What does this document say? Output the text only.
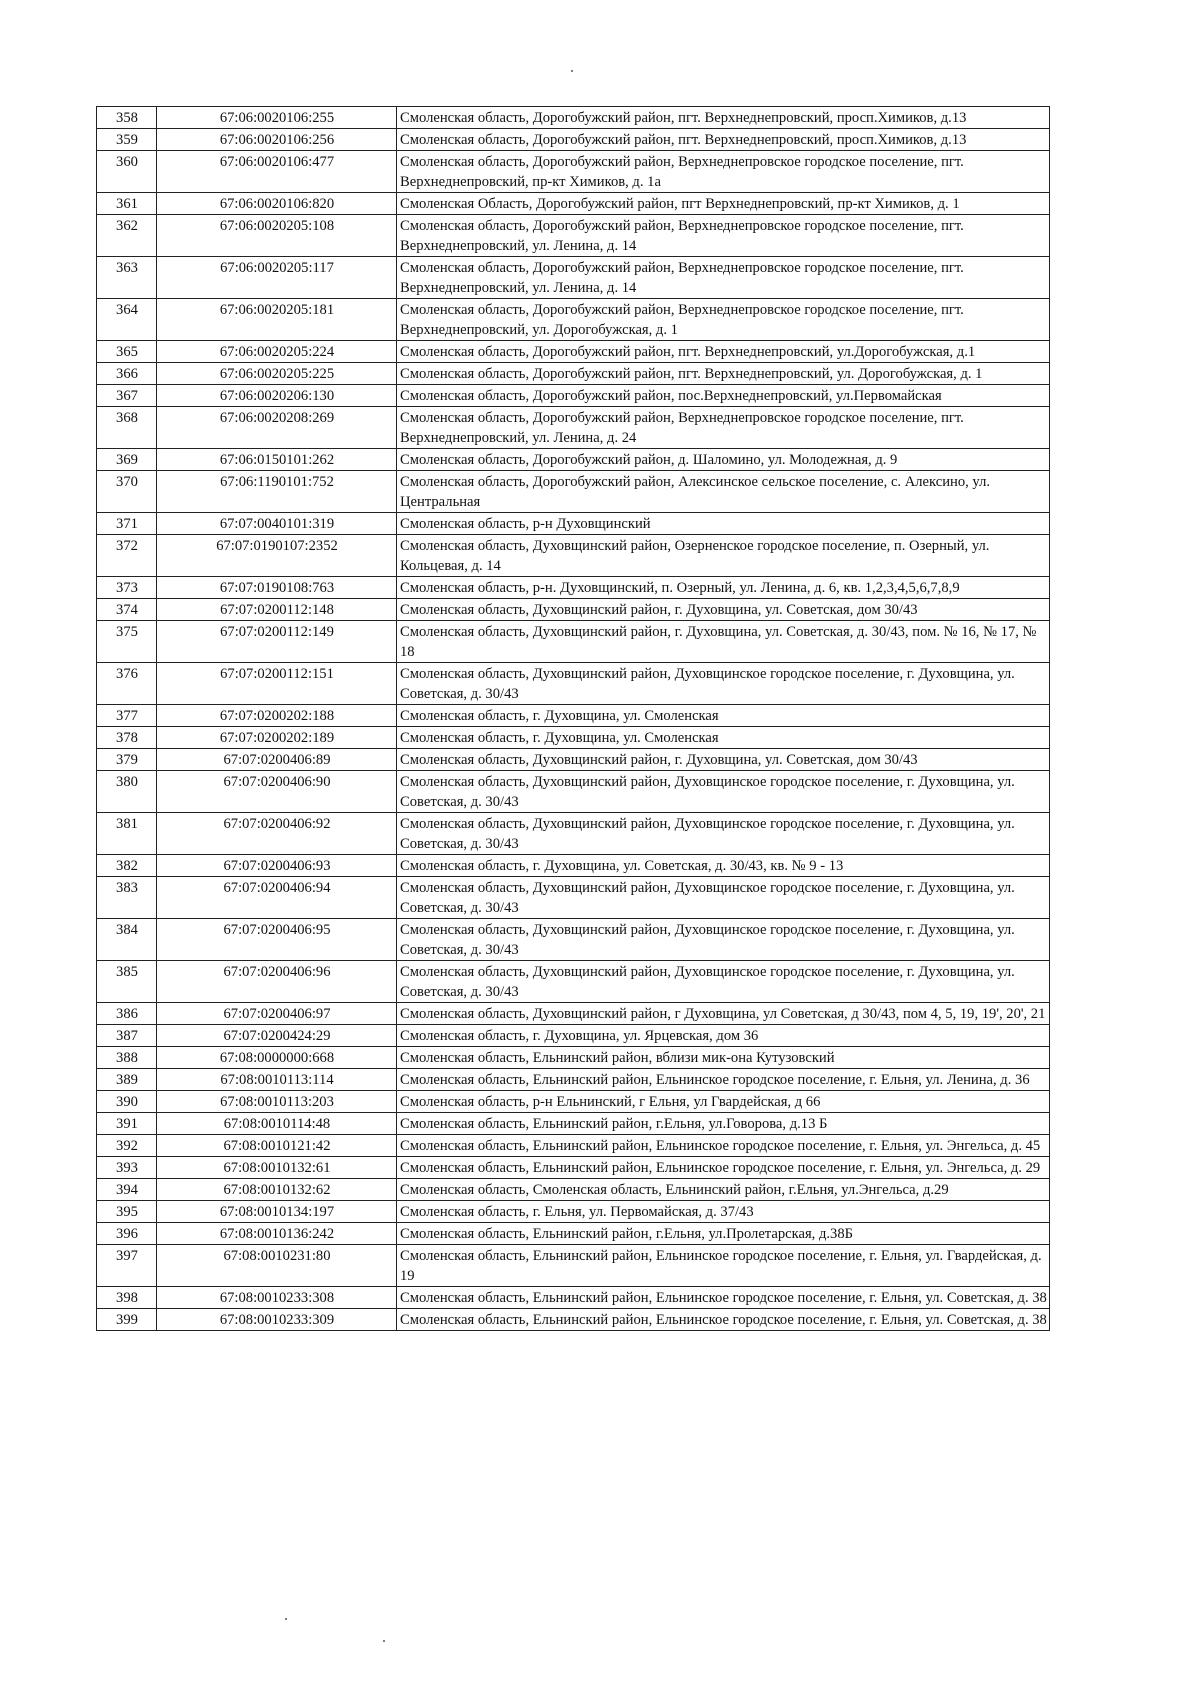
358	67:06:0020106:255	Смоленская область, Дорогобужский район, пгт. Верхнеднепровский, просп.Химиков, д.13
359	67:06:0020106:256	Смоленская область, Дорогобужский район, пгт. Верхнеднепровский, просп.Химиков, д.13
360	67:06:0020106:477	Смоленская область, Дорогобужский район, Верхнеднепровское городское поселение, пгт. Верхнеднепровский, пр-кт Химиков, д. 1а
361	67:06:0020106:820	Смоленская Область, Дорогобужский район, пгт Верхнеднепровский, пр-кт Химиков, д. 1
362	67:06:0020205:108	Смоленская область, Дорогобужский район, Верхнеднепровское городское поселение, пгт. Верхнеднепровский, ул. Ленина, д. 14
363	67:06:0020205:117	Смоленская область, Дорогобужский район, Верхнеднепровское городское поселение, пгт. Верхнеднепровский, ул. Ленина, д. 14
364	67:06:0020205:181	Смоленская область, Дорогобужский район, Верхнеднепровское городское поселение, пгт. Верхнеднепровский, ул. Дорогобужская, д. 1
365	67:06:0020205:224	Смоленская область, Дорогобужский район, пгт. Верхнеднепровский, ул.Дорогобужская, д.1
366	67:06:0020205:225	Смоленская область, Дорогобужский район, пгт. Верхнеднепровский, ул. Дорогобужская, д. 1
367	67:06:0020206:130	Смоленская область, Дорогобужский район, пос.Верхнеднепровский, ул.Первомайская
368	67:06:0020208:269	Смоленская область, Дорогобужский район, Верхнеднепровское городское поселение, пгт. Верхнеднепровский, ул. Ленина, д. 24
369	67:06:0150101:262	Смоленская область, Дорогобужский район, д. Шаломино, ул. Молодежная, д. 9
370	67:06:1190101:752	Смоленская область, Дорогобужский район, Алексинское сельское поселение, с. Алексино, ул. Центральная
371	67:07:0040101:319	Смоленская область, р-н Духовщинский
372	67:07:0190107:2352	Смоленская область, Духовщинский район, Озерненское городское поселение, п. Озерный, ул. Кольцевая, д. 14
373	67:07:0190108:763	Смоленская область, р-н. Духовщинский, п. Озерный, ул. Ленина, д. 6, кв. 1,2,3,4,5,6,7,8,9
374	67:07:0200112:148	Смоленская область, Духовщинский район, г. Духовщина, ул. Советская, дом 30/43
375	67:07:0200112:149	Смоленская область, Духовщинский район, г. Духовщина, ул. Советская, д. 30/43, пом. № 16, № 17, № 18
376	67:07:0200112:151	Смоленская область, Духовщинский район, Духовщинское городское поселение, г. Духовщина, ул. Советская, д. 30/43
377	67:07:0200202:188	Смоленская область, г. Духовщина, ул. Смоленская
378	67:07:0200202:189	Смоленская область, г. Духовщина, ул. Смоленская
379	67:07:0200406:89	Смоленская область, Духовщинский район, г. Духовщина, ул. Советская, дом 30/43
380	67:07:0200406:90	Смоленская область, Духовщинский район, Духовщинское городское поселение, г. Духовщина, ул. Советская, д. 30/43
381	67:07:0200406:92	Смоленская область, Духовщинский район, Духовщинское городское поселение, г. Духовщина, ул. Советская, д. 30/43
382	67:07:0200406:93	Смоленская область, г. Духовщина, ул. Советская, д. 30/43, кв. № 9 - 13
383	67:07:0200406:94	Смоленская область, Духовщинский район, Духовщинское городское поселение, г. Духовщина, ул. Советская, д. 30/43
384	67:07:0200406:95	Смоленская область, Духовщинский район, Духовщинское городское поселение, г. Духовщина, ул. Советская, д. 30/43
385	67:07:0200406:96	Смоленская область, Духовщинский район, Духовщинское городское поселение, г. Духовщина, ул. Советская, д. 30/43
386	67:07:0200406:97	Смоленская область, Духовщинский район, г Духовщина, ул Советская, д 30/43, пом 4, 5, 19, 19', 20', 21
387	67:07:0200424:29	Смоленская область, г. Духовщина, ул. Ярцевская, дом 36
388	67:08:0000000:668	Смоленская область, Ельнинский район, вблизи мик-она Кутузовский
389	67:08:0010113:114	Смоленская область, Ельнинский район, Ельнинское городское поселение, г. Ельня, ул. Ленина, д. 36
390	67:08:0010113:203	Смоленская область, р-н Ельнинский, г Ельня, ул Гвардейская, д 66
391	67:08:0010114:48	Смоленская область, Ельнинский район, г.Ельня, ул.Говорова, д.13 Б
392	67:08:0010121:42	Смоленская область, Ельнинский район, Ельнинское городское поселение, г. Ельня, ул. Энгельса, д. 45
393	67:08:0010132:61	Смоленская область, Ельнинский район, Ельнинское городское поселение, г. Ельня, ул. Энгельса, д. 29
394	67:08:0010132:62	Смоленская область, Смоленская область, Ельнинский район, г.Ельня, ул.Энгельса, д.29
395	67:08:0010134:197	Смоленская область, г. Ельня, ул. Первомайская, д. 37/43
396	67:08:0010136:242	Смоленская область, Ельнинский район, г.Ельня, ул.Пролетарская, д.38Б
397	67:08:0010231:80	Смоленская область, Ельнинский район, Ельнинское городское поселение, г. Ельня, ул. Гвардейская, д. 19
398	67:08:0010233:308	Смоленская область, Ельнинский район, Ельнинское городское поселение, г. Ельня, ул. Советская, д. 38
399	67:08:0010233:309	Смоленская область, Ельнинский район, Ельнинское городское поселение, г. Ельня, ул. Советская, д. 38
